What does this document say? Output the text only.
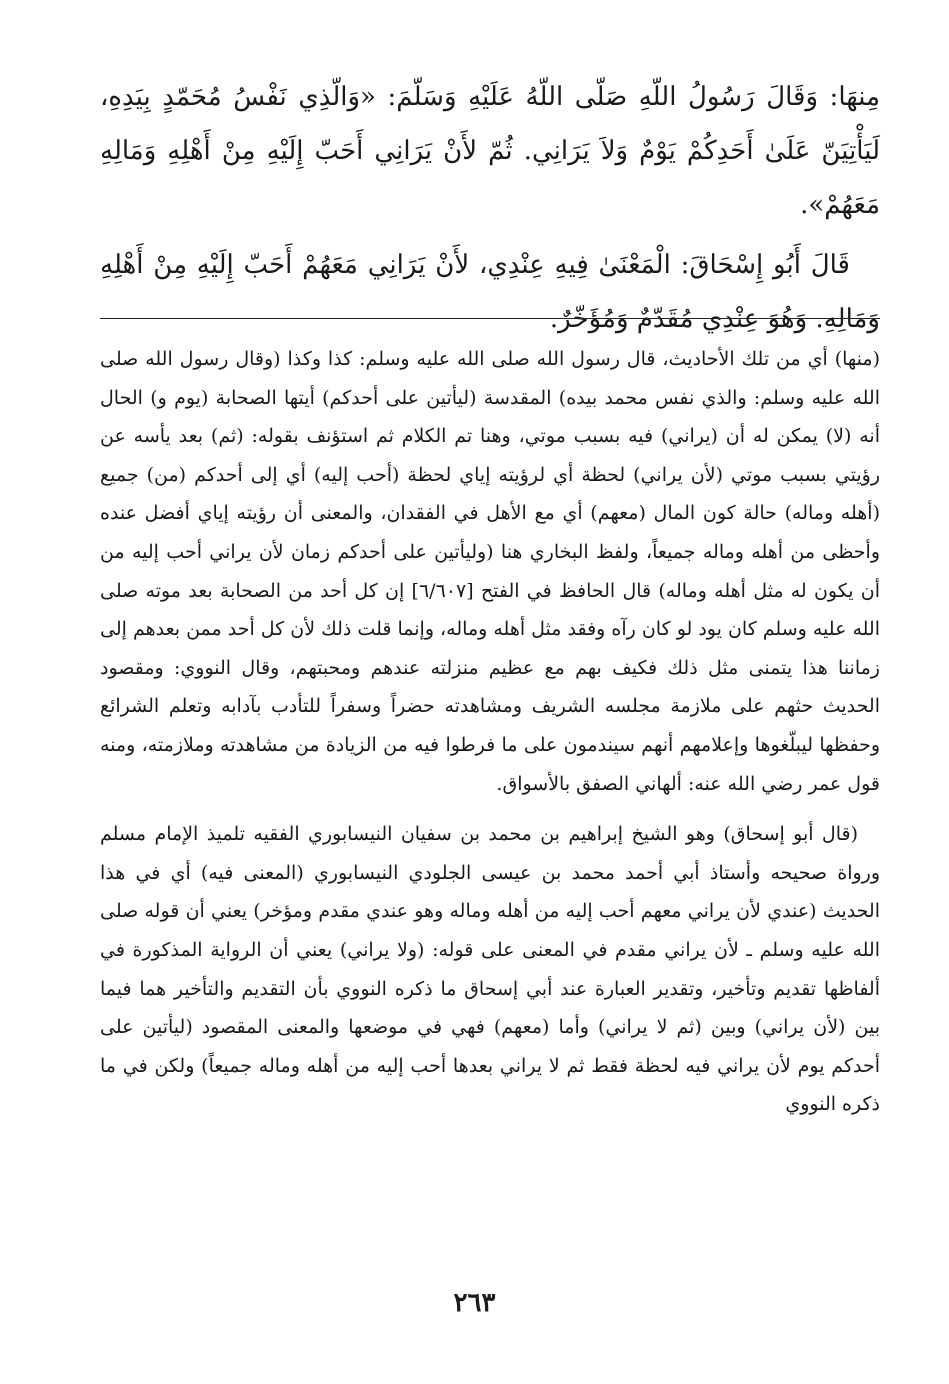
مِنهَا: وَقَالَ رَسُولُ اللّهِ صَلّى اللّهُ عَلَيْهِ وَسَلّمَ: «وَالّذِي نَفْسُ مُحَمّدٍ بِيَدِهِ، لَيَأْتِيَنّ عَلَىٰ أَحَدِكُمْ يَوْمٌ وَلاَ يَرَانِي. ثُمّ لأَنْ يَرَانِي أَحَبّ إِلَيْهِ مِنْ أَهْلِهِ وَمَالِهِ مَعَهُمْ».

قَالَ أَبُو إِسْحَاقَ: الْمَعْنَىٰ فِيهِ عِنْدِي، لأَنْ يَرَانِي مَعَهُمْ أَحَبّ إِلَيْهِ مِنْ أَهْلِهِ وَمَالِهِ. وَهُوَ عِنْدِي مُقَدّمٌ وَمُؤَخّرٌ.

(منها) أي من تلك الأحاديث، قال رسول الله صلى الله عليه وسلم: كذا وكذا (وقال رسول الله صلى الله عليه وسلم: والذي نفس محمد بيده) المقدسة (ليأتين على أحدكم) أيتها الصحابة (يوم و) الحال أنه (لا) يمكن له أن (يراني) فيه بسبب موتي، وهنا تم الكلام ثم استؤنف بقوله: (ثم) بعد يأسه عن رؤيتي بسبب موتي (لأن يراني) لحظة أي لرؤيته إياي لحظة (أحب إليه) أي إلى أحدكم (من) جميع (أهله وماله) حالة كون المال (معهم) أي مع الأهل في الفقدان، والمعنى أن رؤيته إياي أفضل عنده وأحظى من أهله وماله جميعاً، ولفظ البخاري هنا (وليأتين على أحدكم زمان لأن يراني أحب إليه من أن يكون له مثل أهله وماله) قال الحافظ في الفتح [٦/٦٠٧] إن كل أحد من الصحابة بعد موته صلى الله عليه وسلم كان يود لو كان رآه وفقد مثل أهله وماله، وإنما قلت ذلك لأن كل أحد ممن بعدهم إلى زماننا هذا يتمنى مثل ذلك فكيف بهم مع عظيم منزلته عندهم ومحبتهم، وقال النووي: ومقصود الحديث حثهم على ملازمة مجلسه الشريف ومشاهدته حضراً وسفراً للتأدب بآدابه وتعلم الشرائع وحفظها ليبلّغوها وإعلامهم أنهم سيندمون على ما فرطوا فيه من الزيادة من مشاهدته وملازمته، ومنه قول عمر رضي الله عنه: ألهاني الصفق بالأسواق.

(قال أبو إسحاق) وهو الشيخ إبراهيم بن محمد بن سفيان النيسابوري الفقيه تلميذ الإمام مسلم ورواة صحيحه وأستاذ أبي أحمد محمد بن عيسى الجلودي النيسابوري (المعنى فيه) أي في هذا الحديث (عندي لأن يراني معهم أحب إليه من أهله وماله وهو عندي مقدم ومؤخر) يعني أن قوله صلى الله عليه وسلم ـ لأن يراني مقدم في المعنى على قوله: (ولا يراني) يعني أن الرواية المذكورة في ألفاظها تقديم وتأخير، وتقدير العبارة عند أبي إسحاق ما ذكره النووي بأن التقديم والتأخير هما فيما بين (لأن يراني) وبين (ثم لا يراني) وأما (معهم) فهي في موضعها والمعنى المقصود (ليأتين على أحدكم يوم لأن يراني فيه لحظة فقط ثم لا يراني بعدها أحب إليه من أهله وماله جميعاً) ولكن في ما ذكره النووي

٢٦٣
